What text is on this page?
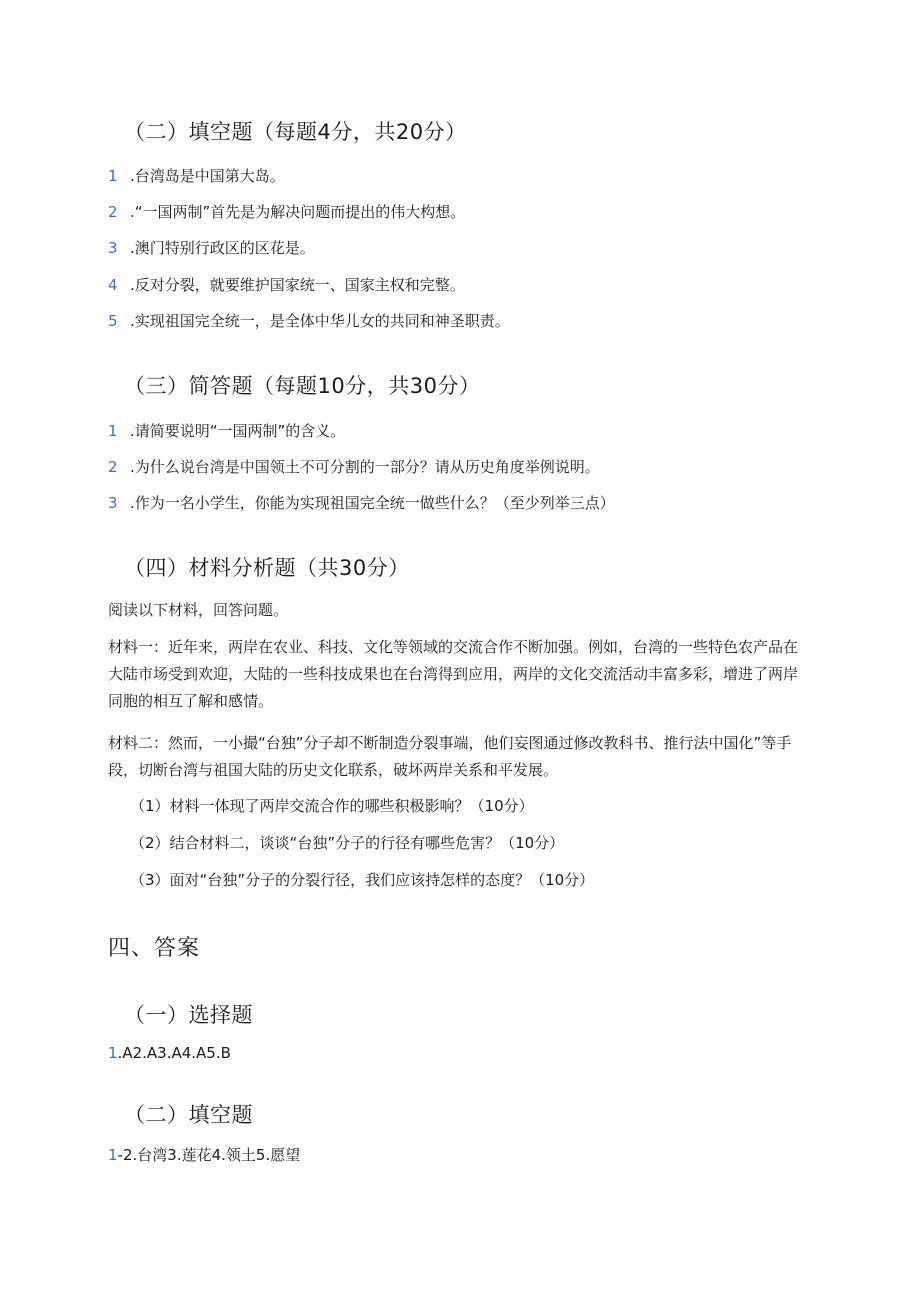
（二）填空题（每题4分，共20分）
1 .台湾岛是中国第大岛。
2 .“一国两制”首先是为解决问题而提出的伟大构想。
3 .澳门特别行政区的区花是。
4 .反对分裂，就要维护国家统一、国家主权和完整。
5 .实现祖国完全统一，是全体中华儿女的共同和神圣职责。
（三）简答题（每题10分，共30分）
1 .请简要说明“一国两制”的含义。
2 .为什么说台湾是中国领土不可分割的一部分？请从历史角度举例说明。
3 .作为一名小学生，你能为实现祖国完全统一做些什么？（至少列举三点）
（四）材料分析题（共30分）
阅读以下材料，回答问题。
材料一：近年来，两岸在农业、科技、文化等领域的交流合作不断加强。例如，台湾的一些特色农产品在大陆市场受到欢迎，大陆的一些科技成果也在台湾得到应用，两岸的文化交流活动丰富多彩，增进了两岸同胞的相互了解和感情。
材料二：然而，一小撮“台独”分子却不断制造分裂事端，他们妄图通过修改教科书、推行法中国化”等手段，切断台湾与祖国大陆的历史文化联系，破坏两岸关系和平发展。
（1）材料一体现了两岸交流合作的哪些积极影响？（10分）
（2）结合材料二，谈谈“台独”分子的行径有哪些危害？（10分）
（3）面对“台独”分子的分裂行径，我们应该持怎样的态度？（10分）
四、答案
（一）选择题
1.A2.A3.A4.A5.B
（二）填空题
1-2.台湾3.莲花4.领土5.愿望
